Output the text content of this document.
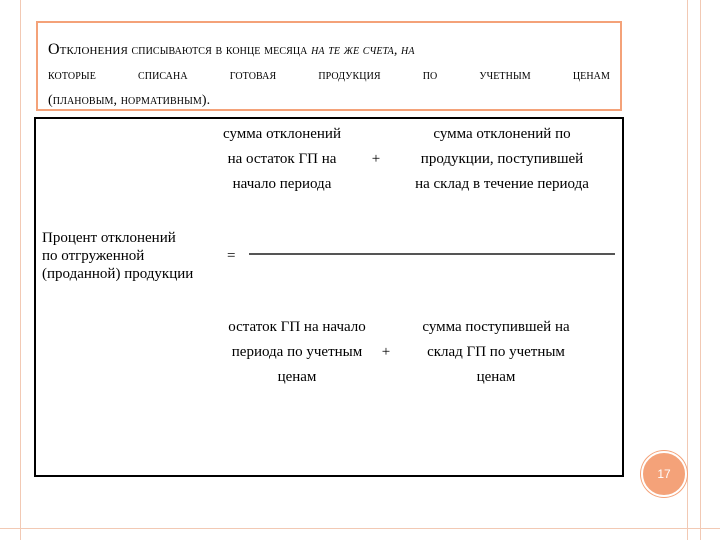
Отклонения списываются в конце месяца на те же счета, на
которые	списана	готовая	продукция	по	учетным	ценам
(плановым, нормативным).
сумма отклонений
на остаток ГП на
начало периода
+
сумма отклонений по
продукции, поступившей
на склад в течение периода
Процент отклонений
по отгруженной
(проданной) продукции
=
остаток ГП на начало
периода по учетным
ценам
+
сумма поступившей на
склад ГП по учетным
ценам
17
